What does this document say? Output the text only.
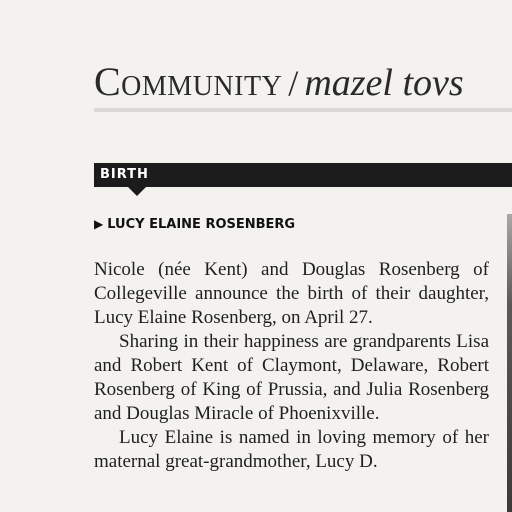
Community / mazel tovs
BIRTH
▶ LUCY ELAINE ROSENBERG

Nicole (née Kent) and Douglas Rosenberg of Collegeville announce the birth of their daughter, Lucy Elaine Rosenberg, on April 27.

Sharing in their happiness are grandparents Lisa and Robert Kent of Claymont, Delaware, Robert Rosenberg of King of Prussia, and Julia Rosenberg and Douglas Miracle of Phoenixville.

Lucy Elaine is named in loving memory of her maternal great-grandmother, Lucy D.
